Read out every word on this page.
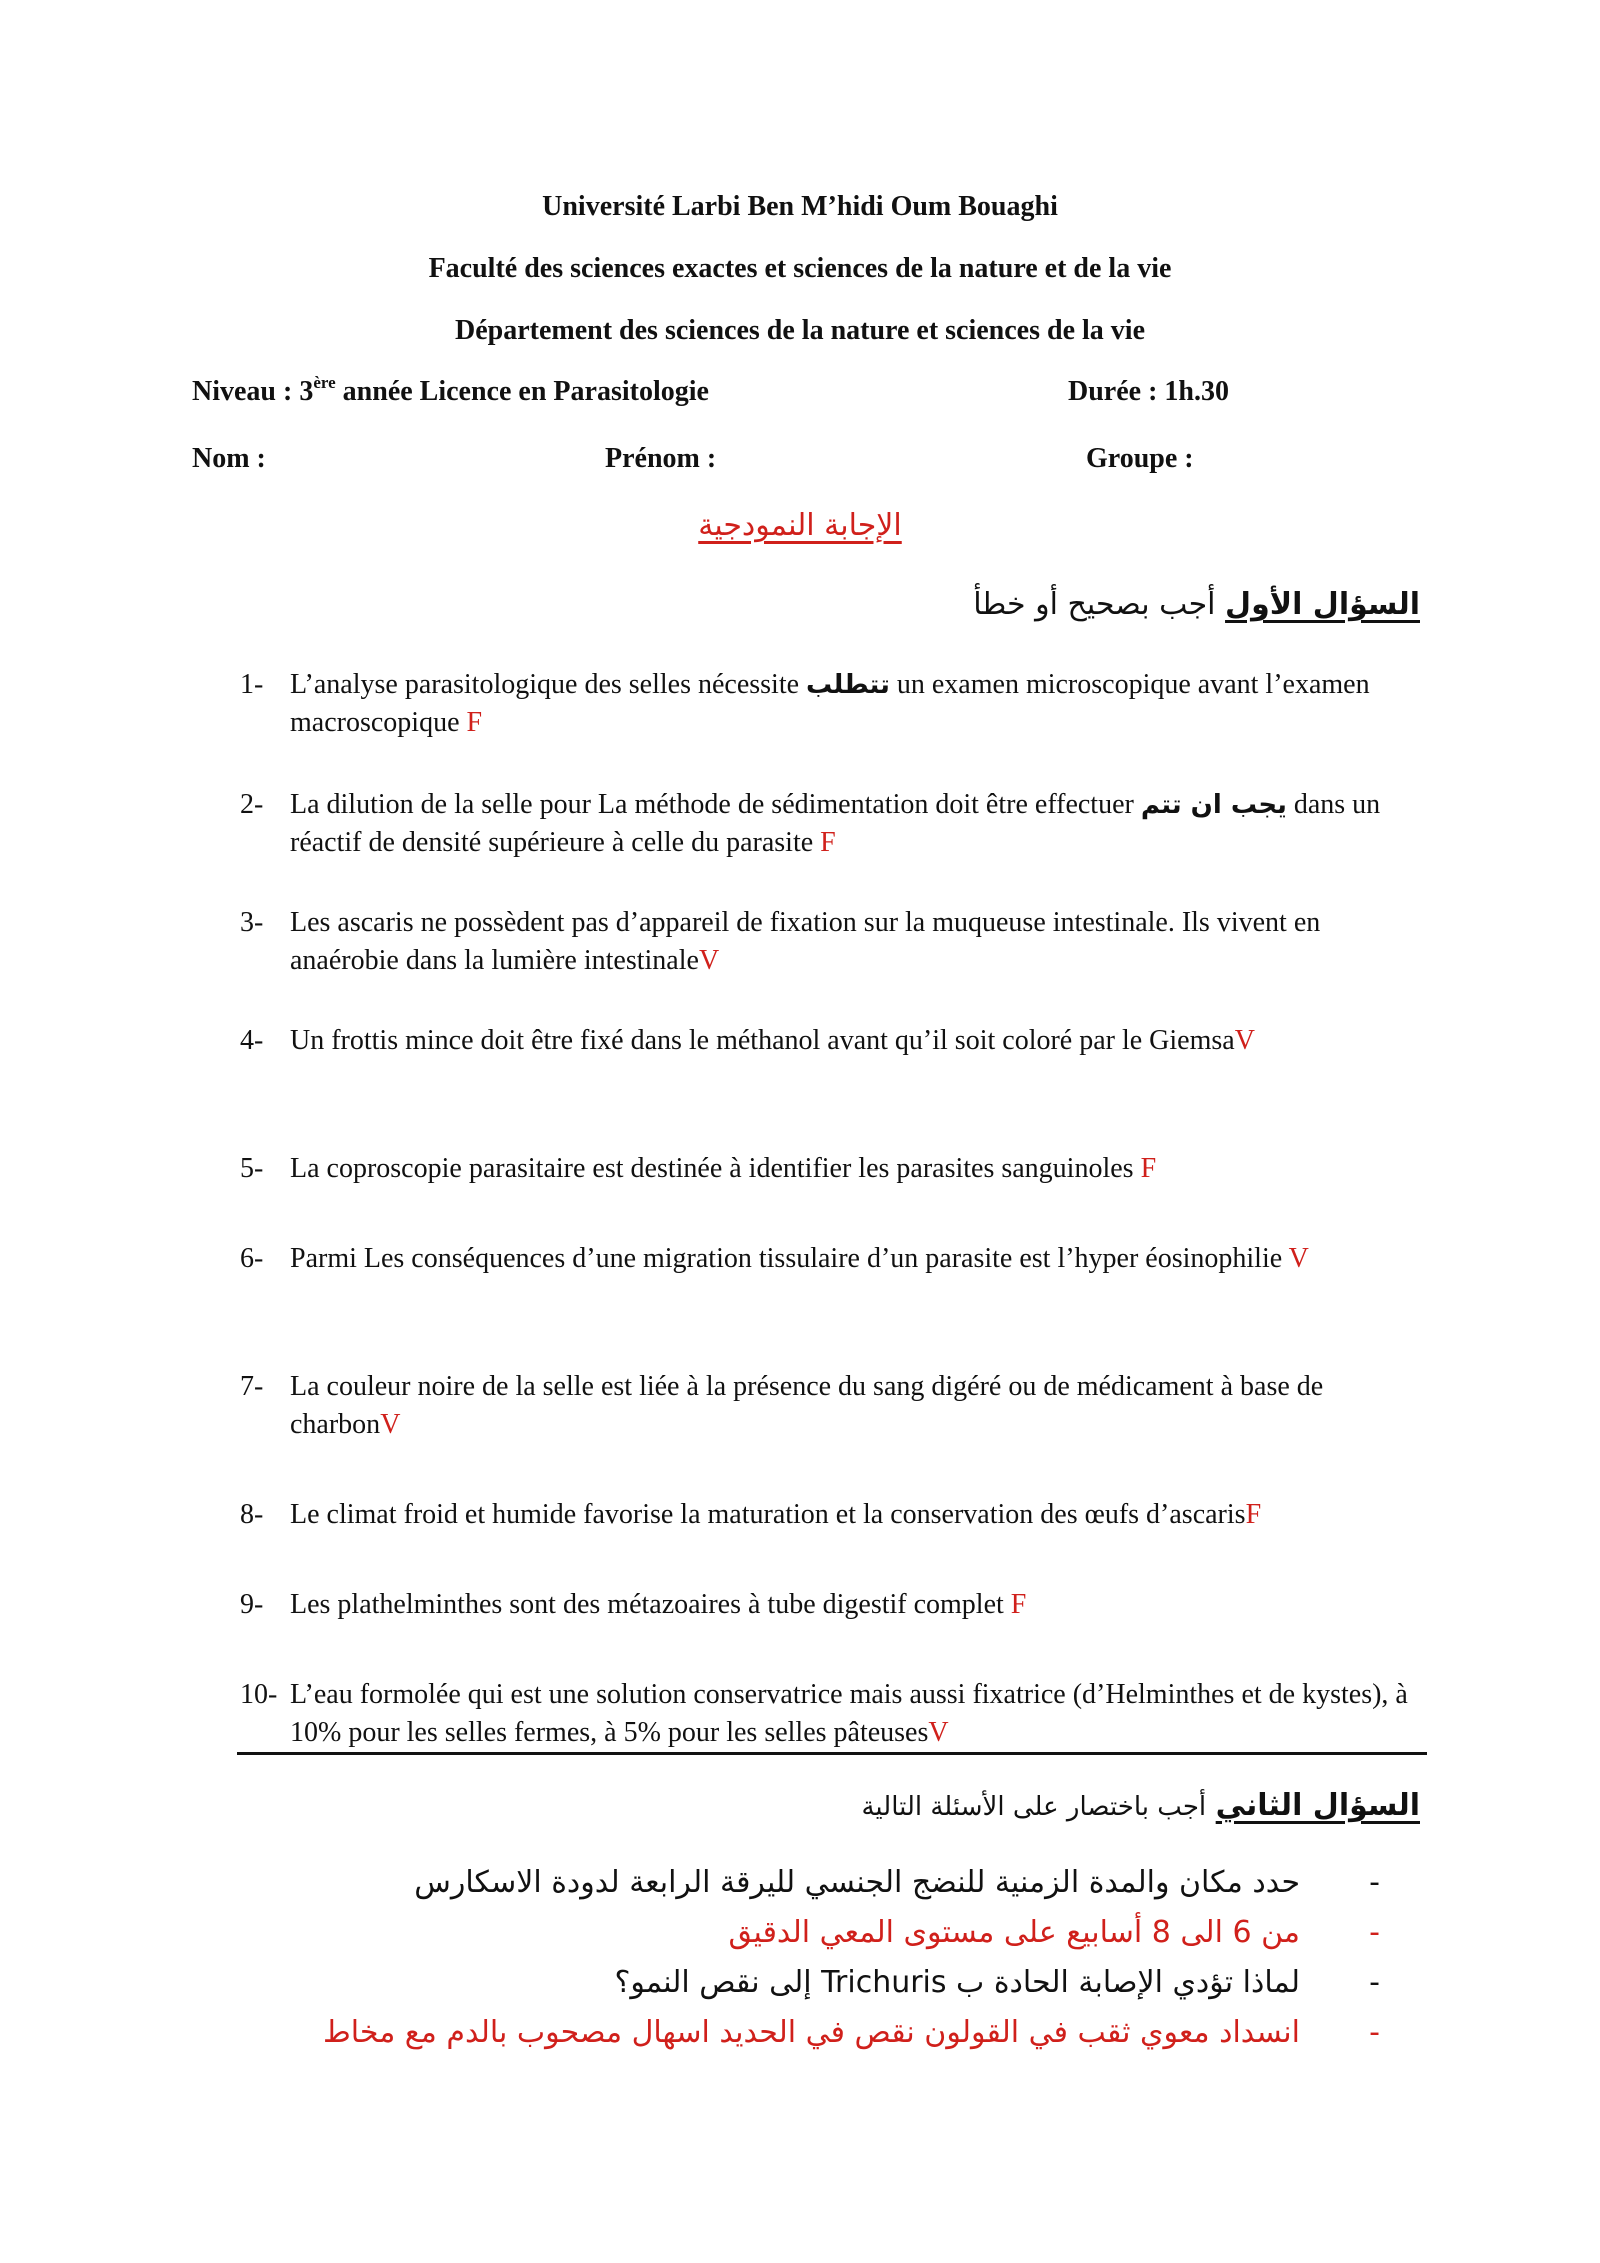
Université Larbi Ben M’hidi Oum Bouaghi
Faculté des sciences exactes et sciences de la nature et de la vie
Département des sciences de la nature et sciences de la vie
Niveau : 3ère année Licence en Parasitologie	Durée : 1h.30
Nom :	Prénom :	Groupe :
الإجابة النمودجية
السؤال الأول أجب بصحيح أو خطأ
1- L’analyse parasitologique des selles nécessite تتطلب un examen microscopique avant l’examen macroscopique F
2- La dilution de la selle pour La méthode de sédimentation doit être effectuer يجب ان تتم dans un réactif de densité supérieure à celle du parasite F
3- Les ascaris ne possèdent pas d’appareil de fixation sur la muqueuse intestinale. Ils vivent en anaérobie dans la lumière intestinaleV
4- Un frottis mince doit être fixé dans le méthanol avant qu’il soit coloré par le GiemsaV
5- La coproscopie parasitaire est destinée à identifier les parasites sanguinoles F
6- Parmi Les conséquences d’une migration tissulaire d’un parasite est l’hyper éosinophilie V
7- La couleur noire de la selle est liée à la présence du sang digéré ou de médicament à base de charbonV
8- Le climat froid et humide favorise la maturation et la conservation des œufs d’ascarisF
9- Les plathelminthes sont des métazoaires à tube digestif complet F
10- L’eau formolée qui est une solution conservatrice mais aussi fixatrice (d’Helminthes et de kystes), à 10% pour les selles fermes, à 5% pour les selles pâteusesV
السؤال الثاني أجب باختصار على الأسئلة التالية
-
حدد مكان والمدة الزمنية للنضج الجنسي لليرقة الرابعة لدودة الاسكارس
-
من 6 الى 8 أسابيع على مستوى المعي الدقيق
-
لماذا تؤدي الإصابة الحادة ب Trichuris إلى نقص النمو؟
-
انسداد معوي ثقب في القولون نقص في الحديد اسهال مصحوب بالدم مع مخاط
